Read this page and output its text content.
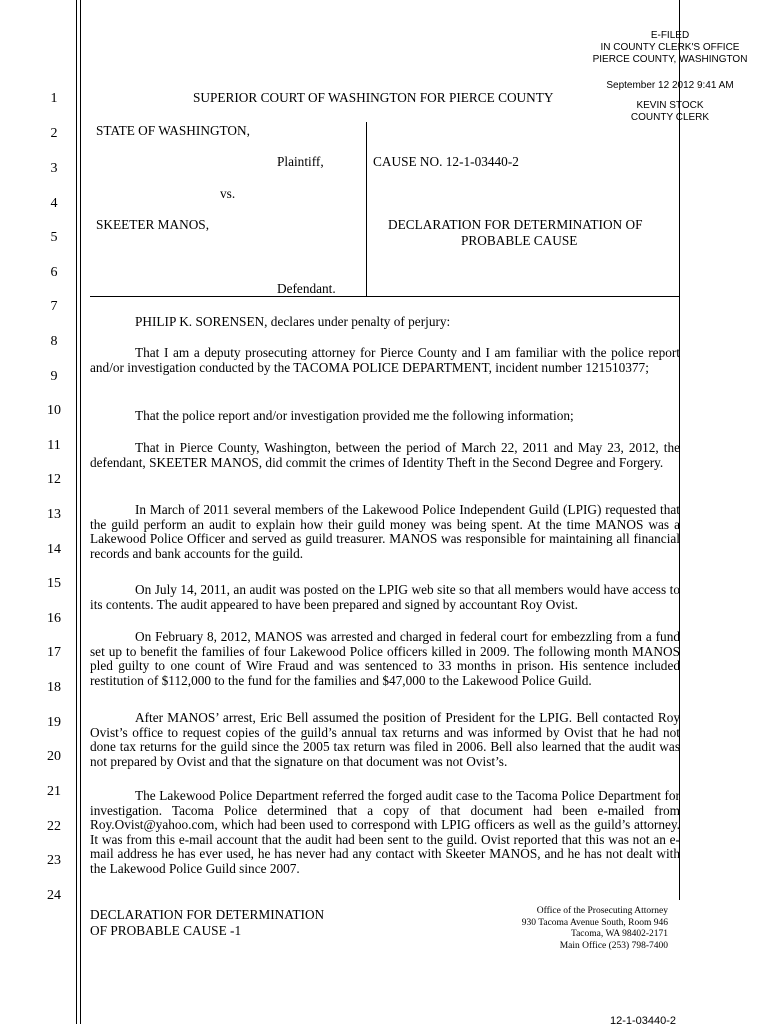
E-FILED
IN COUNTY CLERK'S OFFICE
PIERCE COUNTY, WASHINGTON
September 12 2012 9:41 AM
KEVIN STOCK
COUNTY CLERK
1
2
3
4
5
6
7
8
9
10
11
12
13
14
15
16
17
18
19
20
21
22
23
24
SUPERIOR COURT OF WASHINGTON FOR PIERCE COUNTY
STATE OF WASHINGTON,
Plaintiff,	CAUSE NO. 12-1-03440-2
vs.
SKEETER MANOS,	DECLARATION FOR DETERMINATION OF
PROBABLE CAUSE
Defendant.
PHILIP K. SORENSEN, declares under penalty of perjury:
That I am a deputy prosecuting attorney for Pierce County and I am familiar with the police report and/or investigation conducted by the TACOMA POLICE DEPARTMENT, incident number 121510377;
That the police report and/or investigation provided me the following information;
That in Pierce County, Washington, between the period of March 22, 2011 and May 23, 2012, the defendant, SKEETER MANOS, did commit the crimes of Identity Theft in the Second Degree and Forgery.
In March of 2011 several members of the Lakewood Police Independent Guild (LPIG) requested that the guild perform an audit to explain how their guild money was being spent. At the time MANOS was a Lakewood Police Officer and served as guild treasurer. MANOS was responsible for maintaining all financial records and bank accounts for the guild.
On July 14, 2011, an audit was posted on the LPIG web site so that all members would have access to its contents. The audit appeared to have been prepared and signed by accountant Roy Ovist.
On February 8, 2012, MANOS was arrested and charged in federal court for embezzling from a fund set up to benefit the families of four Lakewood Police officers killed in 2009. The following month MANOS pled guilty to one count of Wire Fraud and was sentenced to 33 months in prison. His sentence included restitution of $112,000 to the fund for the families and $47,000 to the Lakewood Police Guild.
After MANOS’ arrest, Eric Bell assumed the position of President for the LPIG. Bell contacted Roy Ovist’s office to request copies of the guild’s annual tax returns and was informed by Ovist that he had not done tax returns for the guild since the 2005 tax return was filed in 2006. Bell also learned that the audit was not prepared by Ovist and that the signature on that document was not Ovist’s.
The Lakewood Police Department referred the forged audit case to the Tacoma Police Department for investigation. Tacoma Police determined that a copy of that document had been e-mailed from Roy.Ovist@yahoo.com, which had been used to correspond with LPIG officers as well as the guild’s attorney. It was from this e-mail account that the audit had been sent to the guild. Ovist reported that this was not an e-mail address he has ever used, he has never had any contact with Skeeter MANOS, and he has not dealt with the Lakewood Police Guild since 2007.
DECLARATION FOR DETERMINATION
OF PROBABLE CAUSE -1
Office of the Prosecuting Attorney
930 Tacoma Avenue South, Room 946
Tacoma, WA 98402-2171
Main Office (253) 798-7400
12-1-03440-2
